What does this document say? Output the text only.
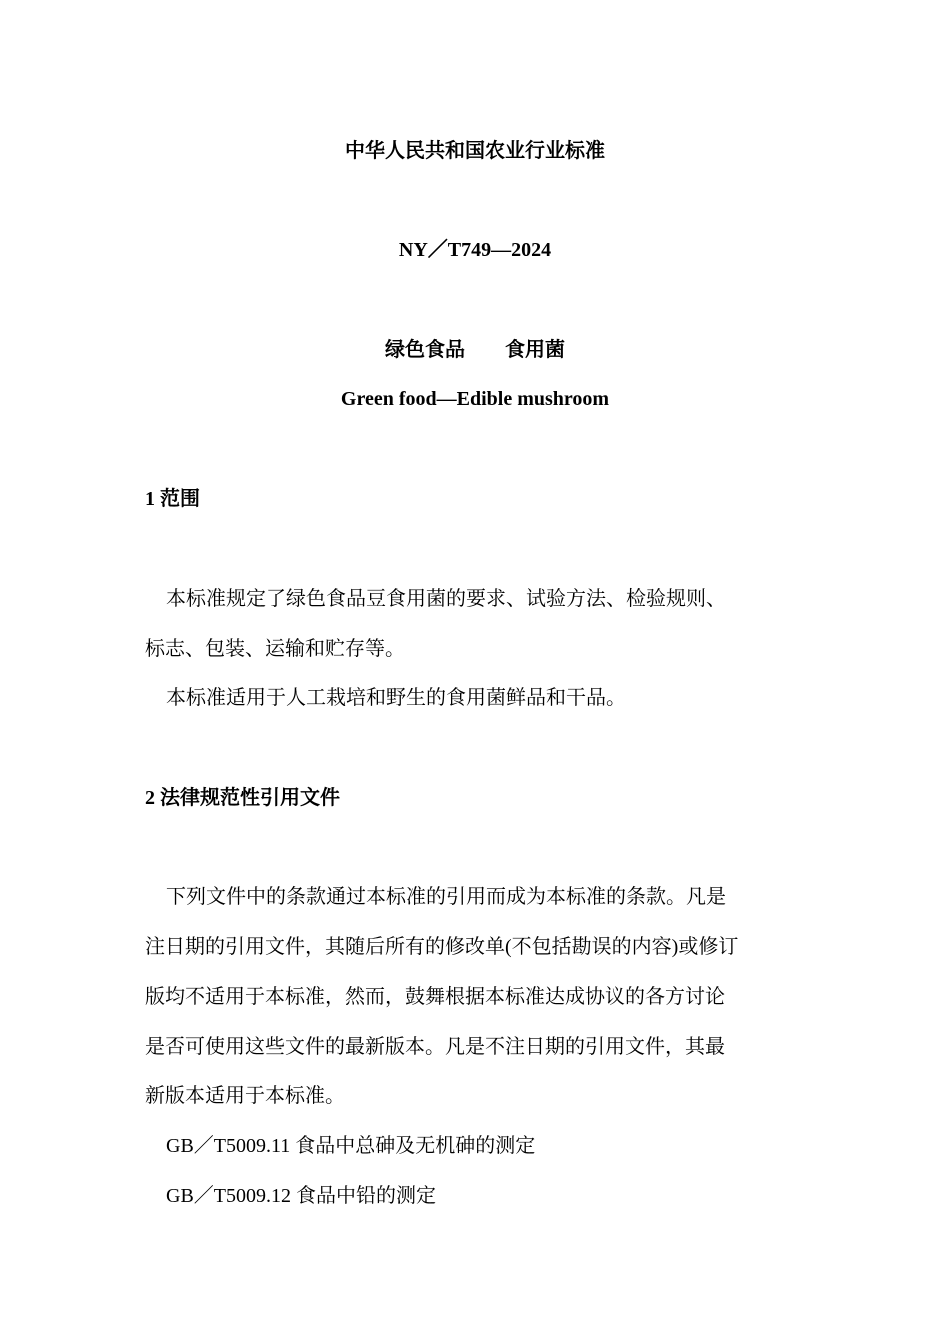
中华人民共和国农业行业标准
NY／T749—2024
绿色食品　　食用菌
Green food—Edible mushroom
1 范围
本标准规定了绿色食品豆食用菌的要求、试验方法、检验规则、
标志、包装、运输和贮存等。
本标准适用于人工栽培和野生的食用菌鲜品和干品。
2 法律规范性引用文件
下列文件中的条款通过本标准的引用而成为本标准的条款。凡是
注日期的引用文件，其随后所有的修改单(不包括勘误的内容)或修订
版均不适用于本标准，然而，鼓舞根据本标准达成协议的各方讨论
是否可使用这些文件的最新版本。凡是不注日期的引用文件，其最
新版本适用于本标准。
GB／T5009.11 食品中总砷及无机砷的测定
GB／T5009.12 食品中铅的测定
